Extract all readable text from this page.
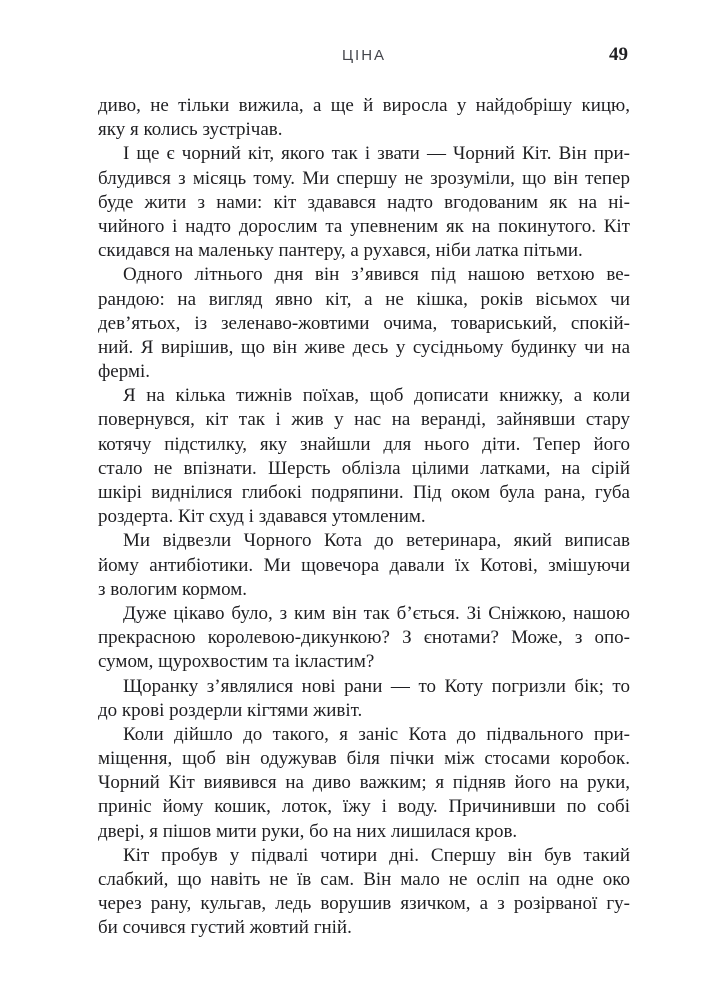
ЦІНА	49
диво, не тільки вижила, а ще й виросла у найдобрішу кицю,
яку я колись зустрічав.
І ще є чорний кіт, якого так і звати — Чорний Кіт. Він при-
блудився з місяць тому. Ми спершу не зрозуміли, що він тепер
буде жити з нами: кіт здавався надто вгодованим як на ні-
чийного і надто дорослим та упевненим як на покинутого. Кіт
скидався на маленьку пантеру, а рухався, ніби латка пітьми.
Одного літнього дня він з’явився під нашою ветхою ве-
рандою: на вигляд явно кіт, а не кішка, років вісьмох чи
дев’ятьох, із зеленаво-жовтими очима, товариський, спокій-
ний. Я вирішив, що він живе десь у сусідньому будинку чи на
фермі.
Я на кілька тижнів поїхав, щоб дописати книжку, а коли
повернувся, кіт так і жив у нас на веранді, зайнявши стару
котячу підстилку, яку знайшли для нього діти. Тепер його
стало не впізнати. Шерсть облізла цілими латками, на сірій
шкірі виднілися глибокі подряпини. Під оком була рана, губа
роздерта. Кіт схуд і здавався утомленим.
Ми відвезли Чорного Кота до ветеринара, який виписав
йому антибіотики. Ми щовечора давали їх Котові, змішуючи
з вологим кормом.
Дуже цікаво було, з ким він так б’ється. Зі Сніжкою, нашою
прекрасною королевою-дикункою? З єнотами? Може, з опо-
сумом, щурохвостим та ікластим?
Щоранку з’являлися нові рани — то Коту погризли бік; то
до крові роздерли кігтями живіт.
Коли дійшло до такого, я заніс Кота до підвального при-
міщення, щоб він одужував біля пічки між стосами коробок.
Чорний Кіт виявився на диво важким; я підняв його на руки,
приніс йому кошик, лоток, їжу і воду. Причинивши по собі
двері, я пішов мити руки, бо на них лишилася кров.
Кіт пробув у підвалі чотири дні. Спершу він був такий
слабкий, що навіть не їв сам. Він мало не осліп на одне око
через рану, кульгав, ледь ворушив язичком, а з розірваної гу-
би сочився густий жовтий гній.
